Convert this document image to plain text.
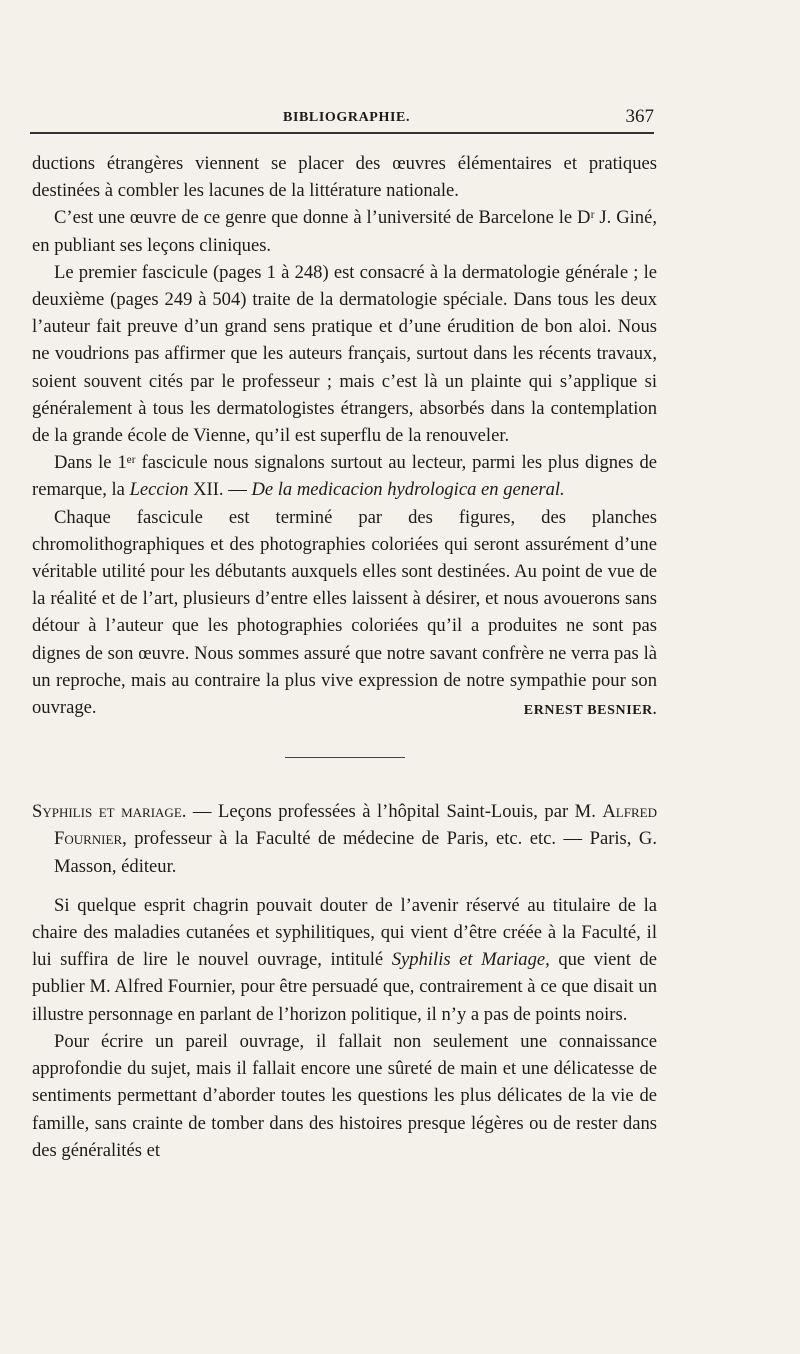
BIBLIOGRAPHIE.	367

ductions étrangères viennent se placer des œuvres élémentaires et pratiques destinées à combler les lacunes de la littérature nationale.

C’est une œuvre de ce genre que donne à l’université de Barcelone le Dʳ J. Giné, en publiant ses leçons cliniques.

Le premier fascicule (pages 1 à 248) est consacré à la dermatologie générale ; le deuxième (pages 249 à 504) traite de la dermatologie spéciale. Dans tous les deux l’auteur fait preuve d’un grand sens pratique et d’une érudition de bon aloi. Nous ne voudrions pas affirmer que les auteurs français, surtout dans les récents travaux, soient souvent cités par le professeur ; mais c’est là un plainte qui s’applique si généralement à tous les dermatologistes étrangers, absorbés dans la contemplation de la grande école de Vienne, qu’il est superflu de la renouveler.

Dans le 1ᵉʳ fascicule nous signalons surtout au lecteur, parmi les plus dignes de remarque, la Leccion XII. — De la medicacion hydrologica en general.

Chaque fascicule est terminé par des figures, des planches chromolithographiques et des photographies coloriées qui seront assurément d’une véritable utilité pour les débutants auxquels elles sont destinées. Au point de vue de la réalité et de l’art, plusieurs d’entre elles laissent à désirer, et nous avouerons sans détour à l’auteur que les photographies coloriées qu’il a produites ne sont pas dignes de son œuvre. Nous sommes assuré que notre savant confrère ne verra pas là un reproche, mais au contraire la plus vive expression de notre sympathie pour son ouvrage.	ERNEST BESNIER.

Syphilis et mariage. — Leçons professées à l’hôpital Saint-Louis, par M. Alfred Fournier, professeur à la Faculté de médecine de Paris, etc. etc. — Paris, G. Masson, éditeur.

Si quelque esprit chagrin pouvait douter de l’avenir réservé au titulaire de la chaire des maladies cutanées et syphilitiques, qui vient d’être créée à la Faculté, il lui suffira de lire le nouvel ouvrage, intitulé Syphilis et Mariage, que vient de publier M. Alfred Fournier, pour être persuadé que, contrairement à ce que disait un illustre personnage en parlant de l’horizon politique, il n’y a pas de points noirs.

Pour écrire un pareil ouvrage, il fallait non seulement une connaissance approfondie du sujet, mais il fallait encore une sûreté de main et une délicatesse de sentiments permettant d’aborder toutes les questions les plus délicates de la vie de famille, sans crainte de tomber dans des histoires presque légères ou de rester dans des généralités et
